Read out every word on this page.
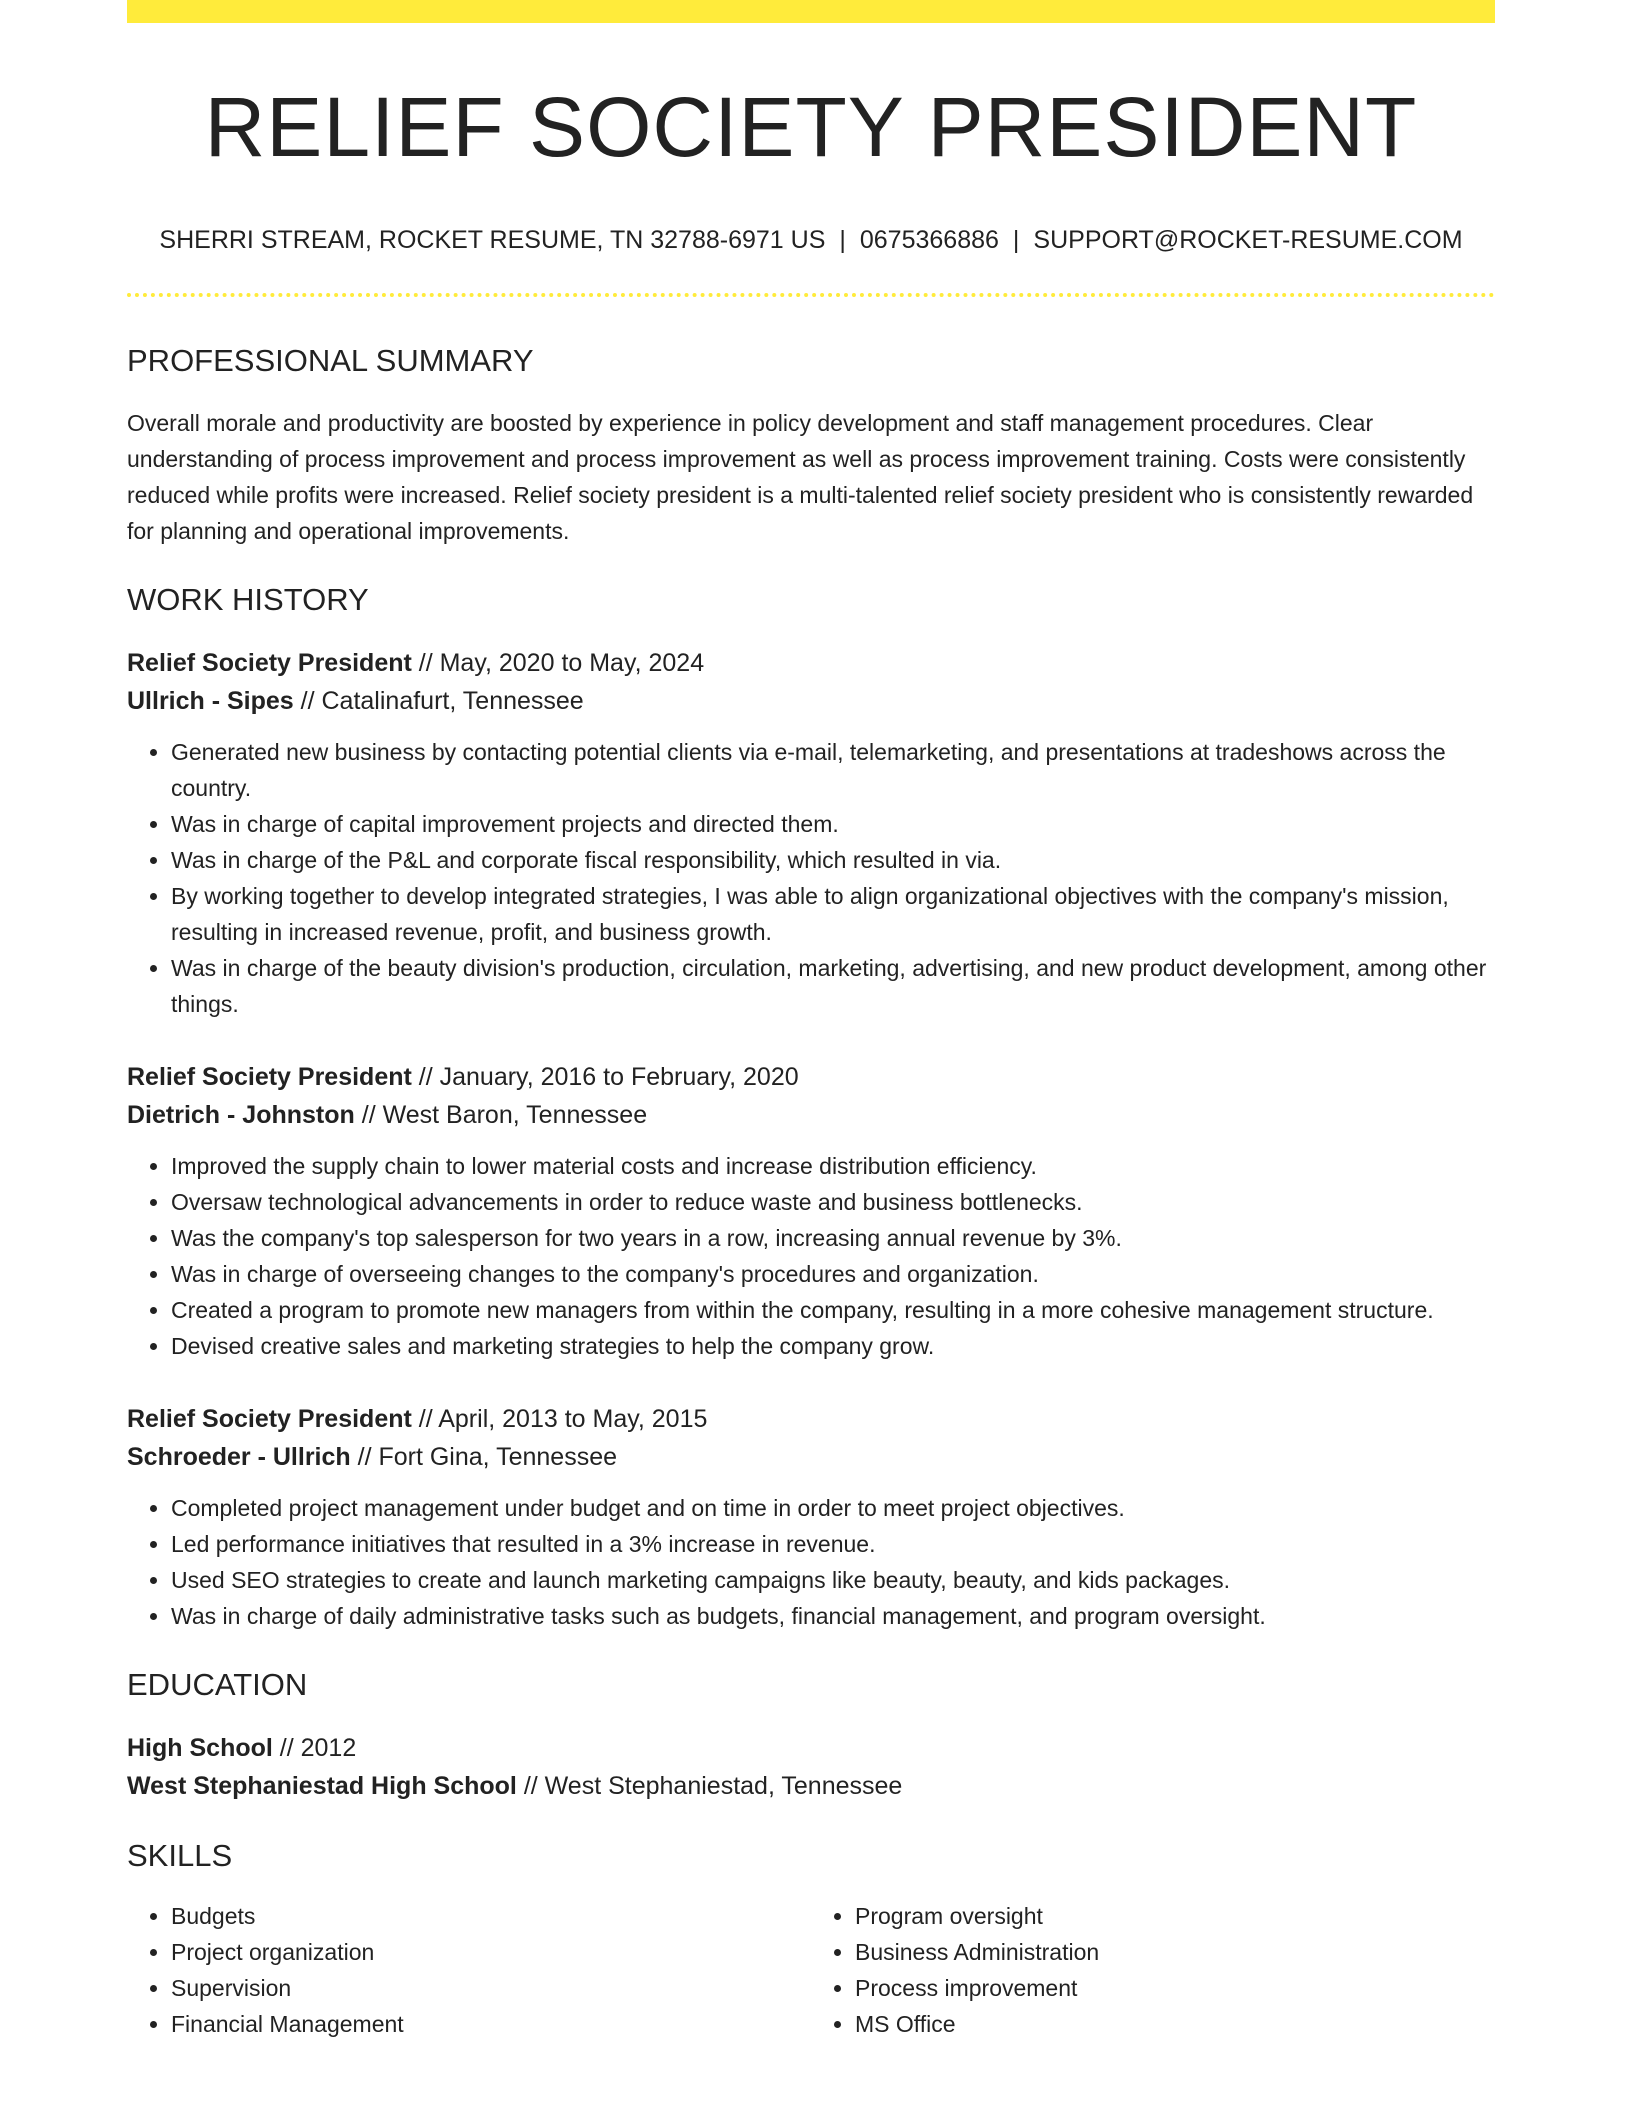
RELIEF SOCIETY PRESIDENT
SHERRI STREAM, ROCKET RESUME, TN 32788-6971 US | 0675366886 | SUPPORT@ROCKET-RESUME.COM
PROFESSIONAL SUMMARY
Overall morale and productivity are boosted by experience in policy development and staff management procedures. Clear understanding of process improvement and process improvement as well as process improvement training. Costs were consistently reduced while profits were increased. Relief society president is a multi-talented relief society president who is consistently rewarded for planning and operational improvements.
WORK HISTORY
Relief Society President // May, 2020 to May, 2024
Ullrich - Sipes // Catalinafurt, Tennessee
• Generated new business by contacting potential clients via e-mail, telemarketing, and presentations at tradeshows across the country.
• Was in charge of capital improvement projects and directed them.
• Was in charge of the P&L and corporate fiscal responsibility, which resulted in via.
• By working together to develop integrated strategies, I was able to align organizational objectives with the company's mission, resulting in increased revenue, profit, and business growth.
• Was in charge of the beauty division's production, circulation, marketing, advertising, and new product development, among other things.
Relief Society President // January, 2016 to February, 2020
Dietrich - Johnston // West Baron, Tennessee
• Improved the supply chain to lower material costs and increase distribution efficiency.
• Oversaw technological advancements in order to reduce waste and business bottlenecks.
• Was the company's top salesperson for two years in a row, increasing annual revenue by 3%.
• Was in charge of overseeing changes to the company's procedures and organization.
• Created a program to promote new managers from within the company, resulting in a more cohesive management structure.
• Devised creative sales and marketing strategies to help the company grow.
Relief Society President // April, 2013 to May, 2015
Schroeder - Ullrich // Fort Gina, Tennessee
• Completed project management under budget and on time in order to meet project objectives.
• Led performance initiatives that resulted in a 3% increase in revenue.
• Used SEO strategies to create and launch marketing campaigns like beauty, beauty, and kids packages.
• Was in charge of daily administrative tasks such as budgets, financial management, and program oversight.
EDUCATION
High School // 2012
West Stephaniestad High School // West Stephaniestad, Tennessee
SKILLS
• Budgets
• Project organization
• Supervision
• Financial Management
• Program oversight
• Business Administration
• Process improvement
• MS Office
